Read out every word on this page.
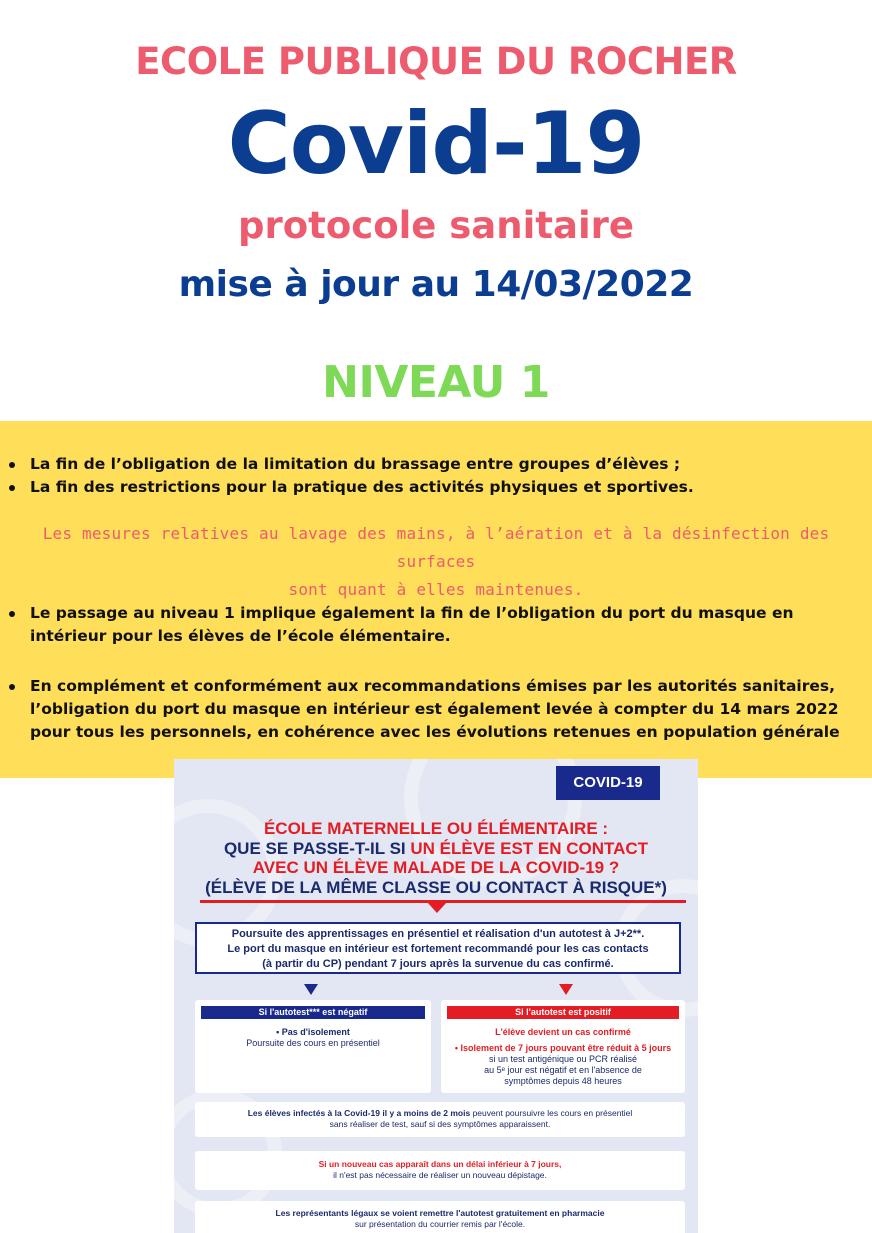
ECOLE PUBLIQUE DU ROCHER
Covid-19
protocole sanitaire
mise à jour au 14/03/2022
NIVEAU 1
La fin de l’obligation de la limitation du brassage entre groupes d’élèves ;
La fin des restrictions pour la pratique des activités physiques et sportives.
Les mesures relatives au lavage des mains, à l’aération et à la désinfection des surfaces
sont quant à elles maintenues.
Le passage au niveau 1 implique également la fin de l’obligation du port du masque en intérieur pour les élèves de l’école élémentaire.
En complément et conformément aux recommandations émises par les autorités sanitaires, l’obligation du port du masque en intérieur est également levée à compter du 14 mars 2022 pour tous les personnels, en cohérence avec les évolutions retenues en population générale
COVID-19
ÉCOLE MATERNELLE OU ÉLÉMENTAIRE :
QUE SE PASSE-T-IL SI UN ÉLÈVE EST EN CONTACT
AVEC UN ÉLÈVE MALADE DE LA COVID-19 ?
(ÉLÈVE DE LA MÊME CLASSE OU CONTACT À RISQUE*)
Poursuite des apprentissages en présentiel et réalisation d'un autotest à J+2**.
Le port du masque en intérieur est fortement recommandé pour les cas contacts
(à partir du CP) pendant 7 jours après la survenue du cas confirmé.
Si l'autotest*** est négatif
• Pas d'isolement
Poursuite des cours en présentiel
Si l'autotest est positif
L'élève devient un cas confirmé
• Isolement de 7 jours pouvant être réduit à 5 jours
si un test antigénique ou PCR réalisé
au 5ᵉ jour est négatif et en l'absence de
symptômes depuis 48 heures
Les élèves infectés à la Covid-19 il y a moins de 2 mois peuvent poursuivre les cours en présentiel
sans réaliser de test, sauf si des symptômes apparaissent.
Si un nouveau cas apparaît dans un délai inférieur à 7 jours,
il n'est pas nécessaire de réaliser un nouveau dépistage.
Les représentants légaux se voient remettre l'autotest gratuitement en pharmacie
sur présentation du courrier remis par l'école.
